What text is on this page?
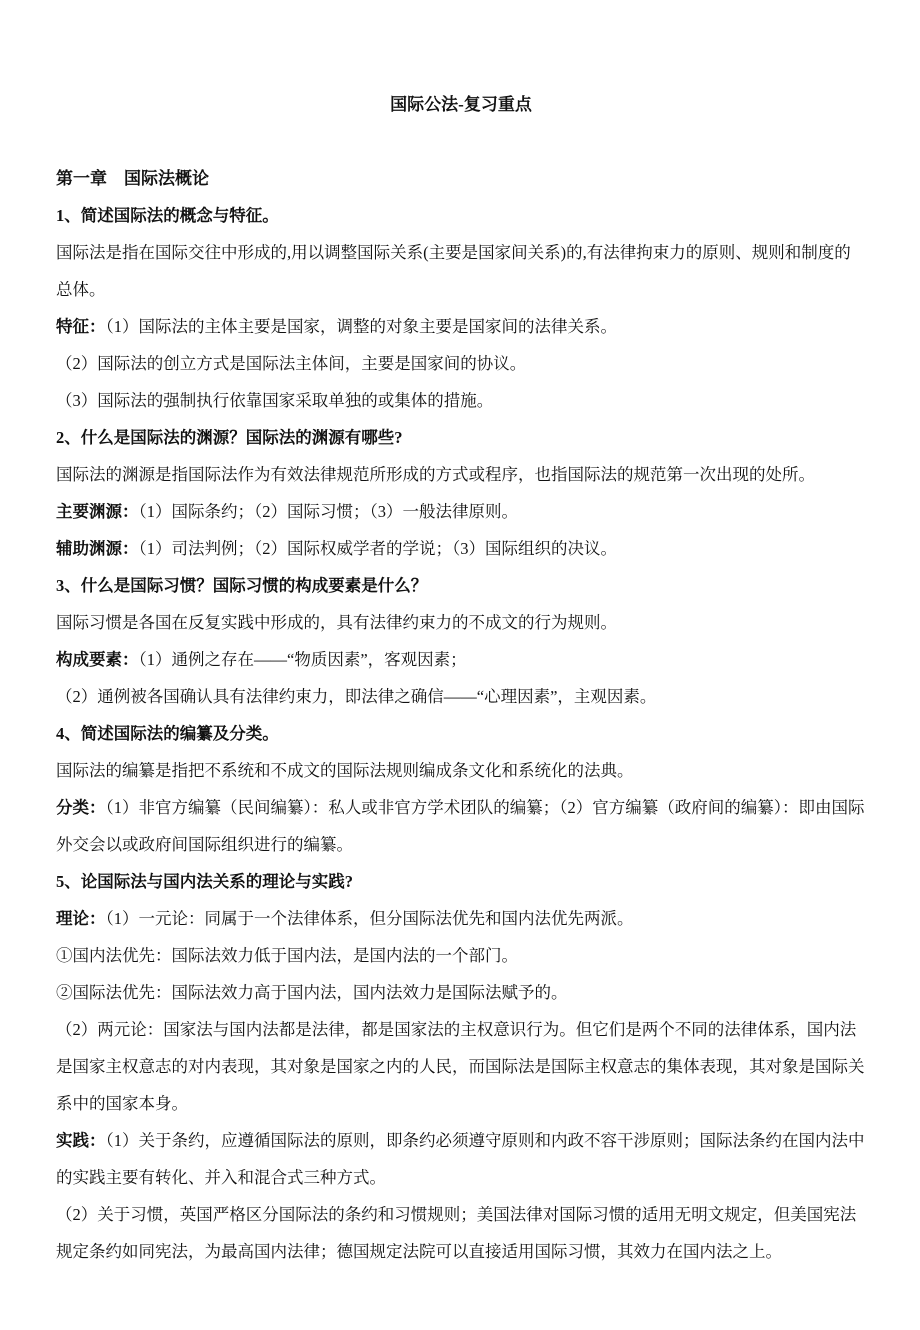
国际公法-复习重点
第一章　国际法概论
1、简述国际法的概念与特征。

国际法是指在国际交往中形成的,用以调整国际关系(主要是国家间关系)的,有法律拘束力的原则、规则和制度的总体。

特征：（1）国际法的主体主要是国家，调整的对象主要是国家间的法律关系。

（2）国际法的创立方式是国际法主体间，主要是国家间的协议。

（3）国际法的强制执行依靠国家采取单独的或集体的措施。

2、什么是国际法的渊源？国际法的渊源有哪些?

国际法的渊源是指国际法作为有效法律规范所形成的方式或程序，也指国际法的规范第一次出现的处所。

主要渊源：（1）国际条约；（2）国际习惯；（3）一般法律原则。

辅助渊源：（1）司法判例；（2）国际权威学者的学说；（3）国际组织的决议。

3、什么是国际习惯？国际习惯的构成要素是什么？

国际习惯是各国在反复实践中形成的，具有法律约束力的不成文的行为规则。

构成要素：（1）通例之存在——“物质因素”，客观因素；

（2）通例被各国确认具有法律约束力，即法律之确信——“心理因素”，主观因素。

4、简述国际法的编纂及分类。

国际法的编纂是指把不系统和不成文的国际法规则编成条文化和系统化的法典。

分类：（1）非官方编纂（民间编纂）：私人或非官方学术团队的编纂；（2）官方编纂（政府间的编纂）：即由国际外交会以或政府间国际组织进行的编纂。

5、论国际法与国内法关系的理论与实践?

理论：（1）一元论：同属于一个法律体系，但分国际法优先和国内法优先两派。

①国内法优先：国际法效力低于国内法，是国内法的一个部门。

②国际法优先：国际法效力高于国内法，国内法效力是国际法赋予的。

（2）两元论：国家法与国内法都是法律，都是国家法的主权意识行为。但它们是两个不同的法律体系，国内法是国家主权意志的对内表现，其对象是国家之内的人民，而国际法是国际主权意志的集体表现，其对象是国际关系中的国家本身。

实践：（1）关于条约，应遵循国际法的原则，即条约必须遵守原则和内政不容干涉原则；国际法条约在国内法中的实践主要有转化、并入和混合式三种方式。

（2）关于习惯，英国严格区分国际法的条约和习惯规则；美国法律对国际习惯的适用无明文规定，但美国宪法规定条约如同宪法，为最高国内法律；德国规定法院可以直接适用国际习惯，其效力在国内法之上。
